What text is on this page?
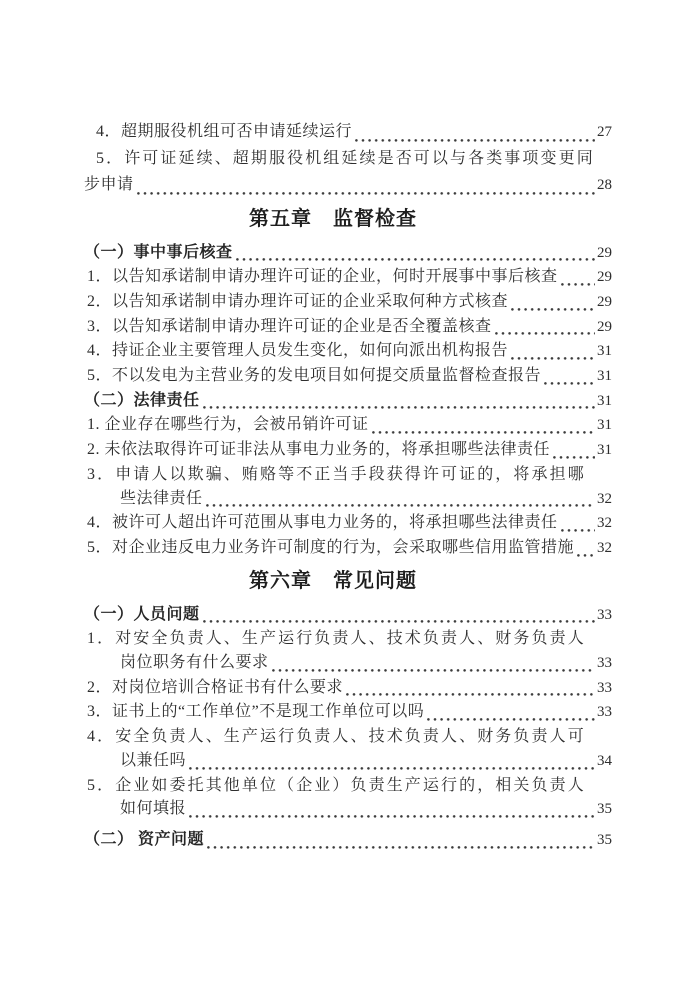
4．超期服役机组可否申请延续运行	27
5．许可证延续、超期服役机组延续是否可以与各类事项变更同
步申请	28
第五章　监督检查
（一）事中事后核查	29
1．以告知承诺制申请办理许可证的企业，何时开展事中事后核查	29
2．以告知承诺制申请办理许可证的企业采取何种方式核查	29
3．以告知承诺制申请办理许可证的企业是否全覆盖核查	29
4．持证企业主要管理人员发生变化，如何向派出机构报告	31
5．不以发电为主营业务的发电项目如何提交质量监督检查报告	31
（二）法律责任	31
1. 企业存在哪些行为，会被吊销许可证	31
2. 未依法取得许可证非法从事电力业务的，将承担哪些法律责任	31
3．申请人以欺骗、贿赂等不正当手段获得许可证的，将承担哪
些法律责任	32
4．被许可人超出许可范围从事电力业务的，将承担哪些法律责任	32
5．对企业违反电力业务许可制度的行为，会采取哪些信用监管措施 32
第六章　常见问题
（一）人员问题	33
1．对安全负责人、生产运行负责人、技术负责人、财务负责人
岗位职务有什么要求	33
2．对岗位培训合格证书有什么要求	33
3．证书上的“工作单位”不是现工作单位可以吗	33
4．安全负责人、生产运行负责人、技术负责人、财务负责人可
以兼任吗	34
5．企业如委托其他单位（企业）负责生产运行的，相关负责人
如何填报	35
（二） 资产问题	35
